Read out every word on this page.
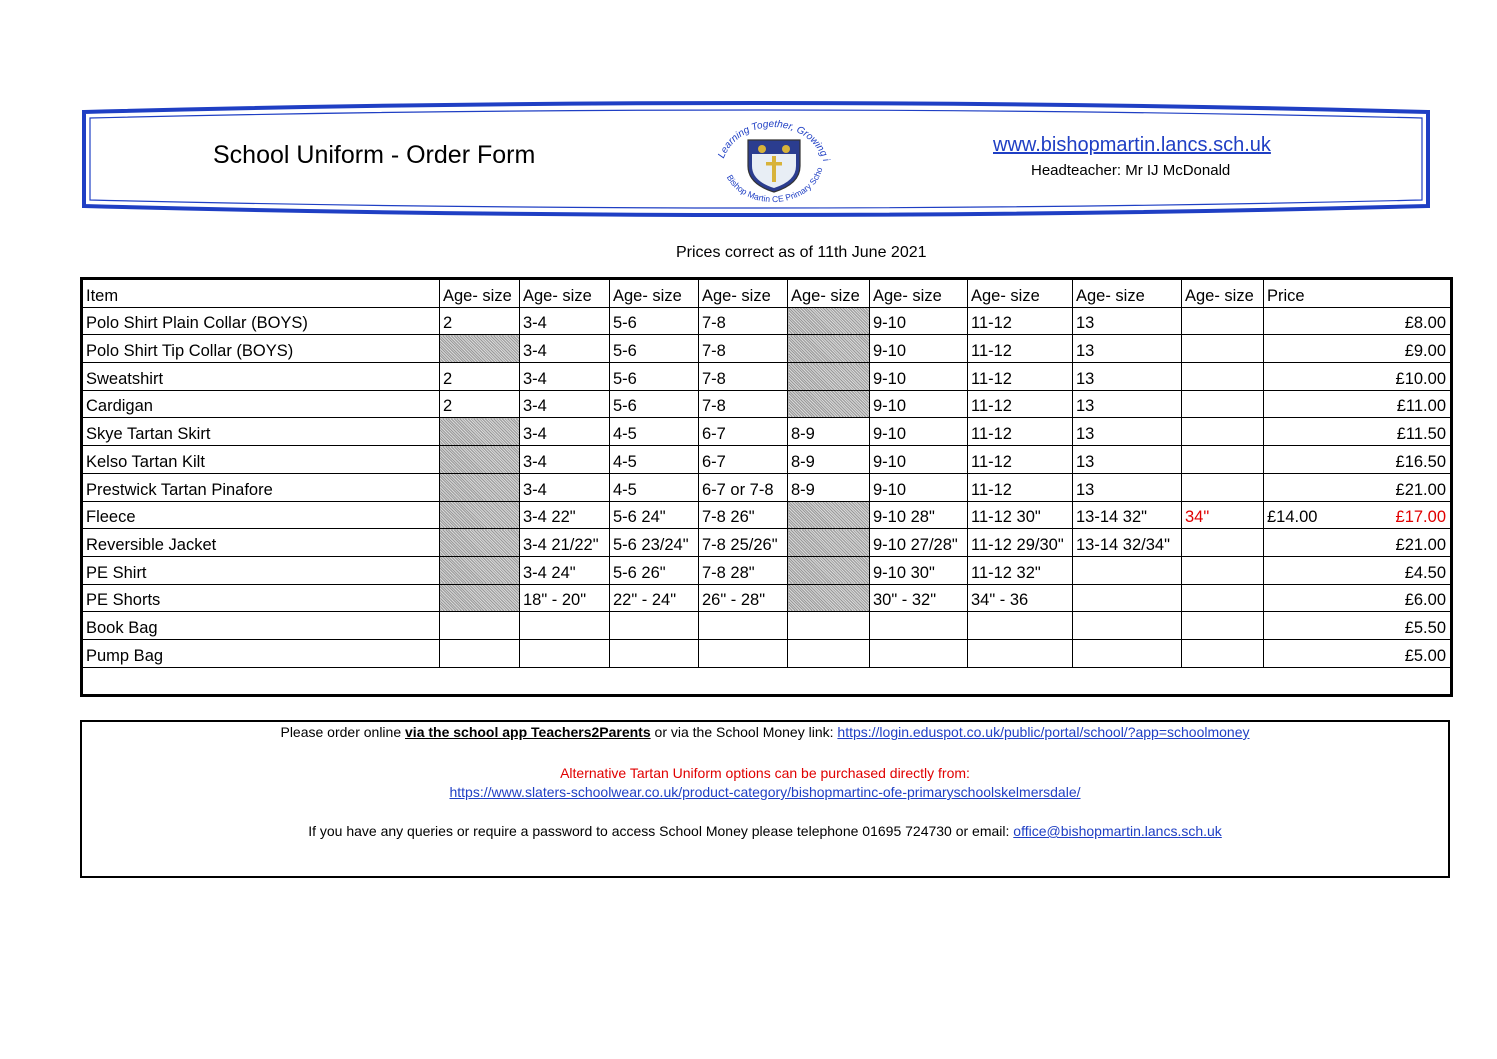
School Uniform - Order Form	Learning Together, Growing i
Bishop Martin CE Primary Scho
www.bishopmartin.lancs.sch.uk
Headteacher: Mr IJ McDonald
Prices correct as of 11th June 2021
Item	Age- size	Age- size	Age- size	Age- size	Age- size	Age- size	Age- size	Age- size	Age- size	Price
Polo Shirt Plain Collar (BOYS)	2	3-4	5-6	7-8		9-10	11-12	13		£8.00
Polo Shirt Tip Collar (BOYS)		3-4	5-6	7-8		9-10	11-12	13		£9.00
Sweatshirt	2	3-4	5-6	7-8		9-10	11-12	13		£10.00
Cardigan	2	3-4	5-6	7-8		9-10	11-12	13		£11.00
Skye Tartan Skirt		3-4	4-5	6-7	8-9	9-10	11-12	13		£11.50
Kelso Tartan Kilt		3-4	4-5	6-7	8-9	9-10	11-12	13		£16.50
Prestwick Tartan Pinafore		3-4	4-5	6-7 or 7-8	8-9	9-10	11-12	13		£21.00
Fleece		3-4 22"	5-6 24"	7-8 26"		9-10 28"	11-12 30"	13-14 32"	34"	£14.00 £17.00

Reversible Jacket		3-4 21/22"	5-6 23/24"	7-8 25/26"		9-10 27/28"	11-12 29/30"	13-14 32/34"		£21.00
PE Shirt		3-4 24"	5-6 26"	7-8 28"		9-10 30"	11-12 32"			£4.50
PE Shorts		18" - 20"	22" - 24"	26" - 28"		30" - 32"	34" - 36			£6.00
Book Bag										£5.50
Pump Bag										£5.00

Please order online via the school app Teachers2Parents or via the School Money link: https://login.eduspot.co.uk/public/portal/school/?app=schoolmoney
Alternative Tartan Uniform options can be purchased directly from:
https://www.slaters-schoolwear.co.uk/product-category/bishopmartinc-ofe-primaryschoolskelmersdale/
If you have any queries or require a password to access School Money please telephone 01695 724730 or email: office@bishopmartin.lancs.sch.uk
